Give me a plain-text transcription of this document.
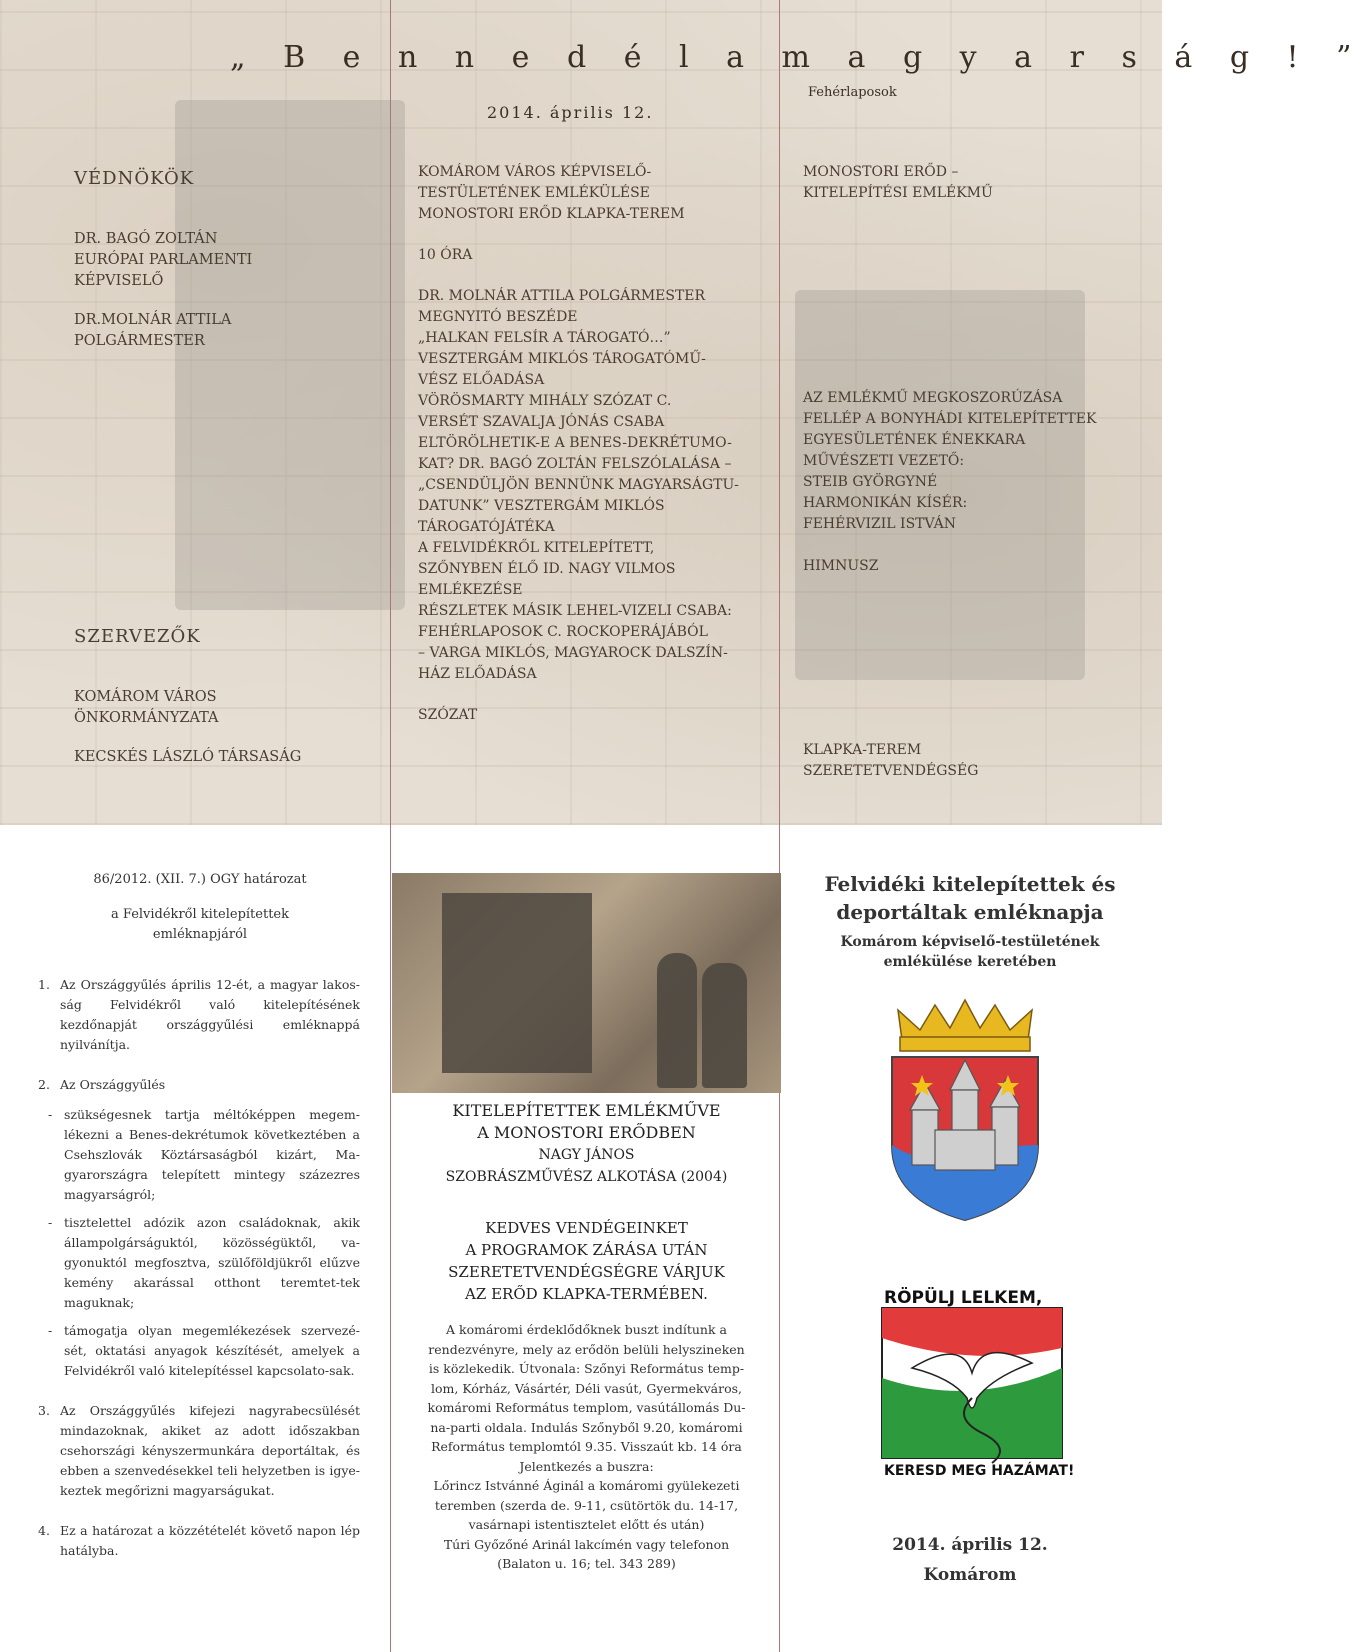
„ B e n n e d é l a m a g y a r s á g ! ”
Fehérlaposok
2014. április 12.
VÉDNÖKÖK
DR. BAGÓ ZOLTÁN
EURÓPAI PARLAMENTI
KÉPVISELŐ
DR.MOLNÁR ATTILA
POLGÁRMESTER
SZERVEZŐK
KOMÁROM VÁROS
ÖNKORMÁNYZATA
KECSKÉS LÁSZLÓ TÁRSASÁG
KOMÁROM VÁROS KÉPVISELŐ-
TESTÜLETÉNEK EMLÉKÜLÉSE
MONOSTORI ERŐD KLAPKA-TEREM
10 ÓRA
DR. MOLNÁR ATTILA POLGÁRMESTER
MEGNYITÓ BESZÉDE
„HALKAN FELSÍR A TÁROGATÓ…”
VESZTERGÁM MIKLÓS TÁROGATÓMŰ-
VÉSZ ELŐADÁSA
VÖRÖSMARTY MIHÁLY SZÓZAT C.
VERSÉT SZAVALJA JÓNÁS CSABA
ELTÖRÖLHETIK-E A BENES-DEKRÉTUMO-
KAT? DR. BAGÓ ZOLTÁN FELSZÓLALÁSA –
„CSENDÜLJÖN BENNÜNK MAGYARSÁGTU-
DATUNK” VESZTERGÁM MIKLÓS
TÁROGATÓJÁTÉKA
A FELVIDÉKRŐL KITELEPÍTETT,
SZŐNYBEN ÉLŐ ID. NAGY VILMOS
EMLÉKEZÉSE
RÉSZLETEK MÁSIK LEHEL-VIZELI CSABA:
FEHÉRLAPOSOK C. ROCKOPERÁJÁBÓL
– VARGA MIKLÓS, MAGYAROCK DALSZÍN-
HÁZ ELŐADÁSA
SZÓZAT
MONOSTORI ERŐD –
KITELEPÍTÉSI EMLÉKMŰ
AZ EMLÉKMŰ MEGKOSZORÚZÁSA
FELLÉP A BONYHÁDI KITELEPÍTETTEK
EGYESÜLETÉNEK ÉNEKKARA
MŰVÉSZETI VEZETŐ:
STEIB GYÖRGYNÉ
HARMONIKÁN KÍSÉR:
FEHÉRVIZIL ISTVÁN
HIMNUSZ
KLAPKA-TEREM
SZERETETVENDÉGSÉG
86/2012. (XII. 7.) OGY határozat
a Felvidékről kitelepítettek
emléknapjáról
1. Az Országgyűlés április 12-ét, a magyar lakos-ság Felvidékről való kitelepítésének kezdőnapját országgyűlési emléknappá nyilvánítja.
2. Az Országgyűlés
- szükségesnek tartja méltóképpen megem-lékezni a Benes-dekrétumok következtében a Csehszlovák Köztársaságból kizárt, Ma-gyarországra telepített mintegy százezres magyarságról;
- tisztelettel adózik azon családoknak, akik állampolgárságuktól, közösségüktől, va-gyonuktól megfosztva, szülőföldjükről elűzve kemény akarással otthont teremtet-tek maguknak;
- támogatja olyan megemlékezések szervezé-sét, oktatási anyagok készítését, amelyek a Felvidékről való kitelepítéssel kapcsolato-sak.
3. Az Országgyűlés kifejezi nagyrabecsülését mindazoknak, akiket az adott időszakban csehországi kényszermunkára deportáltak, és ebben a szenvedésekkel teli helyzetben is igye-keztek megőrizni magyarságukat.
4. Ez a határozat a közzétételét követő napon lép hatályba.
KITELEPÍTETTEK EMLÉKMŰVE
A MONOSTORI ERŐDBEN
NAGY JÁNOS
SZOBRÁSZMŰVÉSZ ALKOTÁSA (2004)
KEDVES VENDÉGEINKET
A PROGRAMOK ZÁRÁSA UTÁN
SZERETETVENDÉGSÉGRE VÁRJUK
AZ ERŐD KLAPKA-TERMÉBEN.
A komáromi érdeklődőknek buszt indítunk a
rendezvényre, mely az erődön belüli helyszineken
is közlekedik. Útvonala: Szőnyi Református temp-
lom, Kórház, Vásártér, Déli vasút, Gyermekváros,
komáromi Református templom, vasútállomás Du-
na-parti oldala. Indulás Szőnyből 9.20, komáromi
Református templomtól 9.35. Visszaút kb. 14 óra
Jelentkezés a buszra:
Lőrincz Istvánné Áginál a komáromi gyülekezeti
teremben (szerda de. 9-11, csütörtök du. 14-17,
vasárnapi istentisztelet előtt és után)
Túri Győzőné Arinál lakcímén vagy telefonon
(Balaton u. 16; tel. 343 289)
Felvidéki kitelepítettek és
deportáltak emléknapja
Komárom képviselő-testületének
emlékülése keretében
RÖPÜLJ LELKEM,
KERESD MEG HAZÁMAT!
2014. április 12.
Komárom
